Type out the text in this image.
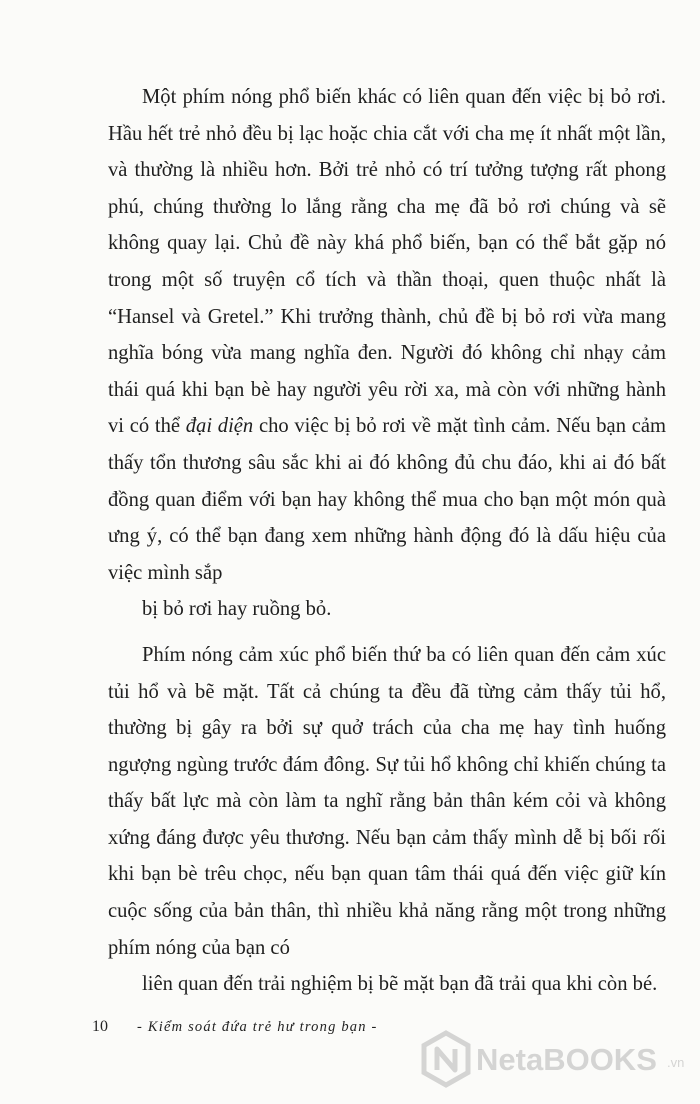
Một phím nóng phổ biến khác có liên quan đến việc bị bỏ rơi. Hầu hết trẻ nhỏ đều bị lạc hoặc chia cắt với cha mẹ ít nhất một lần, và thường là nhiều hơn. Bởi trẻ nhỏ có trí tưởng tượng rất phong phú, chúng thường lo lắng rằng cha mẹ đã bỏ rơi chúng và sẽ không quay lại. Chủ đề này khá phổ biến, bạn có thể bắt gặp nó trong một số truyện cổ tích và thần thoại, quen thuộc nhất là “Hansel và Gretel.” Khi trưởng thành, chủ đề bị bỏ rơi vừa mang nghĩa bóng vừa mang nghĩa đen. Người đó không chỉ nhạy cảm thái quá khi bạn bè hay người yêu rời xa, mà còn với những hành vi có thể đại diện cho việc bị bỏ rơi về mặt tình cảm. Nếu bạn cảm thấy tổn thương sâu sắc khi ai đó không đủ chu đáo, khi ai đó bất đồng quan điểm với bạn hay không thể mua cho bạn một món quà ưng ý, có thể bạn đang xem những hành động đó là dấu hiệu của việc mình sắp
bị bỏ rơi hay ruồng bỏ.

Phím nóng cảm xúc phổ biến thứ ba có liên quan đến cảm xúc tủi hổ và bẽ mặt. Tất cả chúng ta đều đã từng cảm thấy tủi hổ, thường bị gây ra bởi sự quở trách của cha mẹ hay tình huống ngượng ngùng trước đám đông. Sự tủi hổ không chỉ khiến chúng ta thấy bất lực mà còn làm ta nghĩ rằng bản thân kém cỏi và không xứng đáng được yêu thương. Nếu bạn cảm thấy mình dễ bị bối rối khi bạn bè trêu chọc, nếu bạn quan tâm thái quá đến việc giữ kín cuộc sống của bản thân, thì nhiều khả năng rằng một trong những phím nóng của bạn có
liên quan đến trải nghiệm bị bẽ mặt bạn đã trải qua khi còn bé.

10 - Kiểm soát đứa trẻ hư trong bạn -
NetaBOOKS .vn
